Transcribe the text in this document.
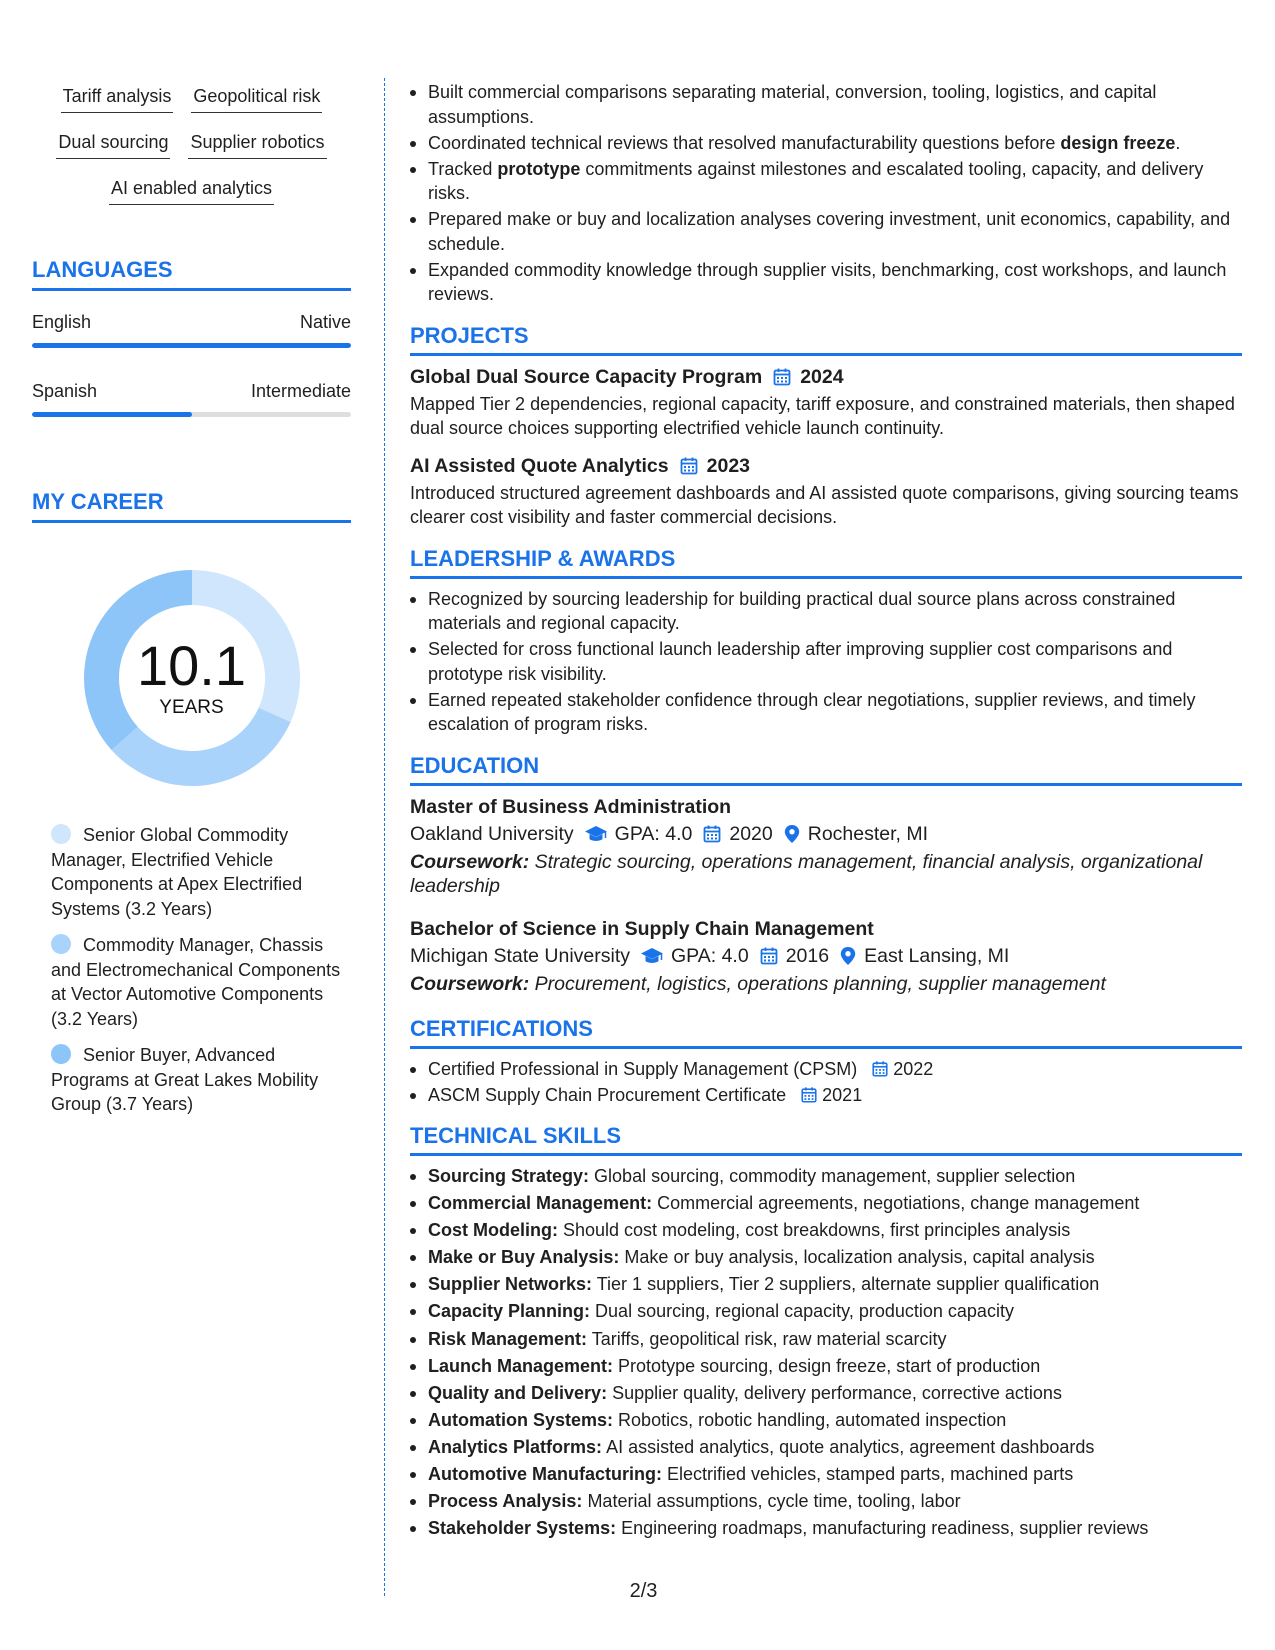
Tariff analysis Geopolitical risk
Dual sourcing Supplier robotics
AI enabled analytics
LANGUAGES
English	Native
Spanish	Intermediate
MY CAREER
10.1
YEARS
Senior Global Commodity Manager, Electrified Vehicle Components at Apex Electrified Systems (3.2 Years)
Commodity Manager, Chassis and Electromechanical Components at Vector Automotive Components (3.2 Years)
Senior Buyer, Advanced Programs at Great Lakes Mobility Group (3.7 Years)
Built commercial comparisons separating material, conversion, tooling, logistics, and capital assumptions.
Coordinated technical reviews that resolved manufacturability questions before design freeze.
Tracked prototype commitments against milestones and escalated tooling, capacity, and delivery risks.
Prepared make or buy and localization analyses covering investment, unit economics, capability, and schedule.
Expanded commodity knowledge through supplier visits, benchmarking, cost workshops, and launch reviews.
PROJECTS
Global Dual Source Capacity Program 2024
Mapped Tier 2 dependencies, regional capacity, tariff exposure, and constrained materials, then shaped dual source choices supporting electrified vehicle launch continuity.
AI Assisted Quote Analytics 2023
Introduced structured agreement dashboards and AI assisted quote comparisons, giving sourcing teams clearer cost visibility and faster commercial decisions.
LEADERSHIP & AWARDS
Recognized by sourcing leadership for building practical dual source plans across constrained materials and regional capacity.
Selected for cross functional launch leadership after improving supplier cost comparisons and prototype risk visibility.
Earned repeated stakeholder confidence through clear negotiations, supplier reviews, and timely escalation of program risks.
EDUCATION
Master of Business Administration
Oakland University GPA: 4.0 2020 Rochester, MI
Coursework: Strategic sourcing, operations management, financial analysis, organizational leadership
Bachelor of Science in Supply Chain Management
Michigan State University GPA: 4.0 2016 East Lansing, MI
Coursework: Procurement, logistics, operations planning, supplier management
CERTIFICATIONS
Certified Professional in Supply Management (CPSM) 2022
ASCM Supply Chain Procurement Certificate 2021
TECHNICAL SKILLS
Sourcing Strategy: Global sourcing, commodity management, supplier selection
Commercial Management: Commercial agreements, negotiations, change management
Cost Modeling: Should cost modeling, cost breakdowns, first principles analysis
Make or Buy Analysis: Make or buy analysis, localization analysis, capital analysis
Supplier Networks: Tier 1 suppliers, Tier 2 suppliers, alternate supplier qualification
Capacity Planning: Dual sourcing, regional capacity, production capacity
Risk Management: Tariffs, geopolitical risk, raw material scarcity
Launch Management: Prototype sourcing, design freeze, start of production
Quality and Delivery: Supplier quality, delivery performance, corrective actions
Automation Systems: Robotics, robotic handling, automated inspection
Analytics Platforms: AI assisted analytics, quote analytics, agreement dashboards
Automotive Manufacturing: Electrified vehicles, stamped parts, machined parts
Process Analysis: Material assumptions, cycle time, tooling, labor
Stakeholder Systems: Engineering roadmaps, manufacturing readiness, supplier reviews
2/3
